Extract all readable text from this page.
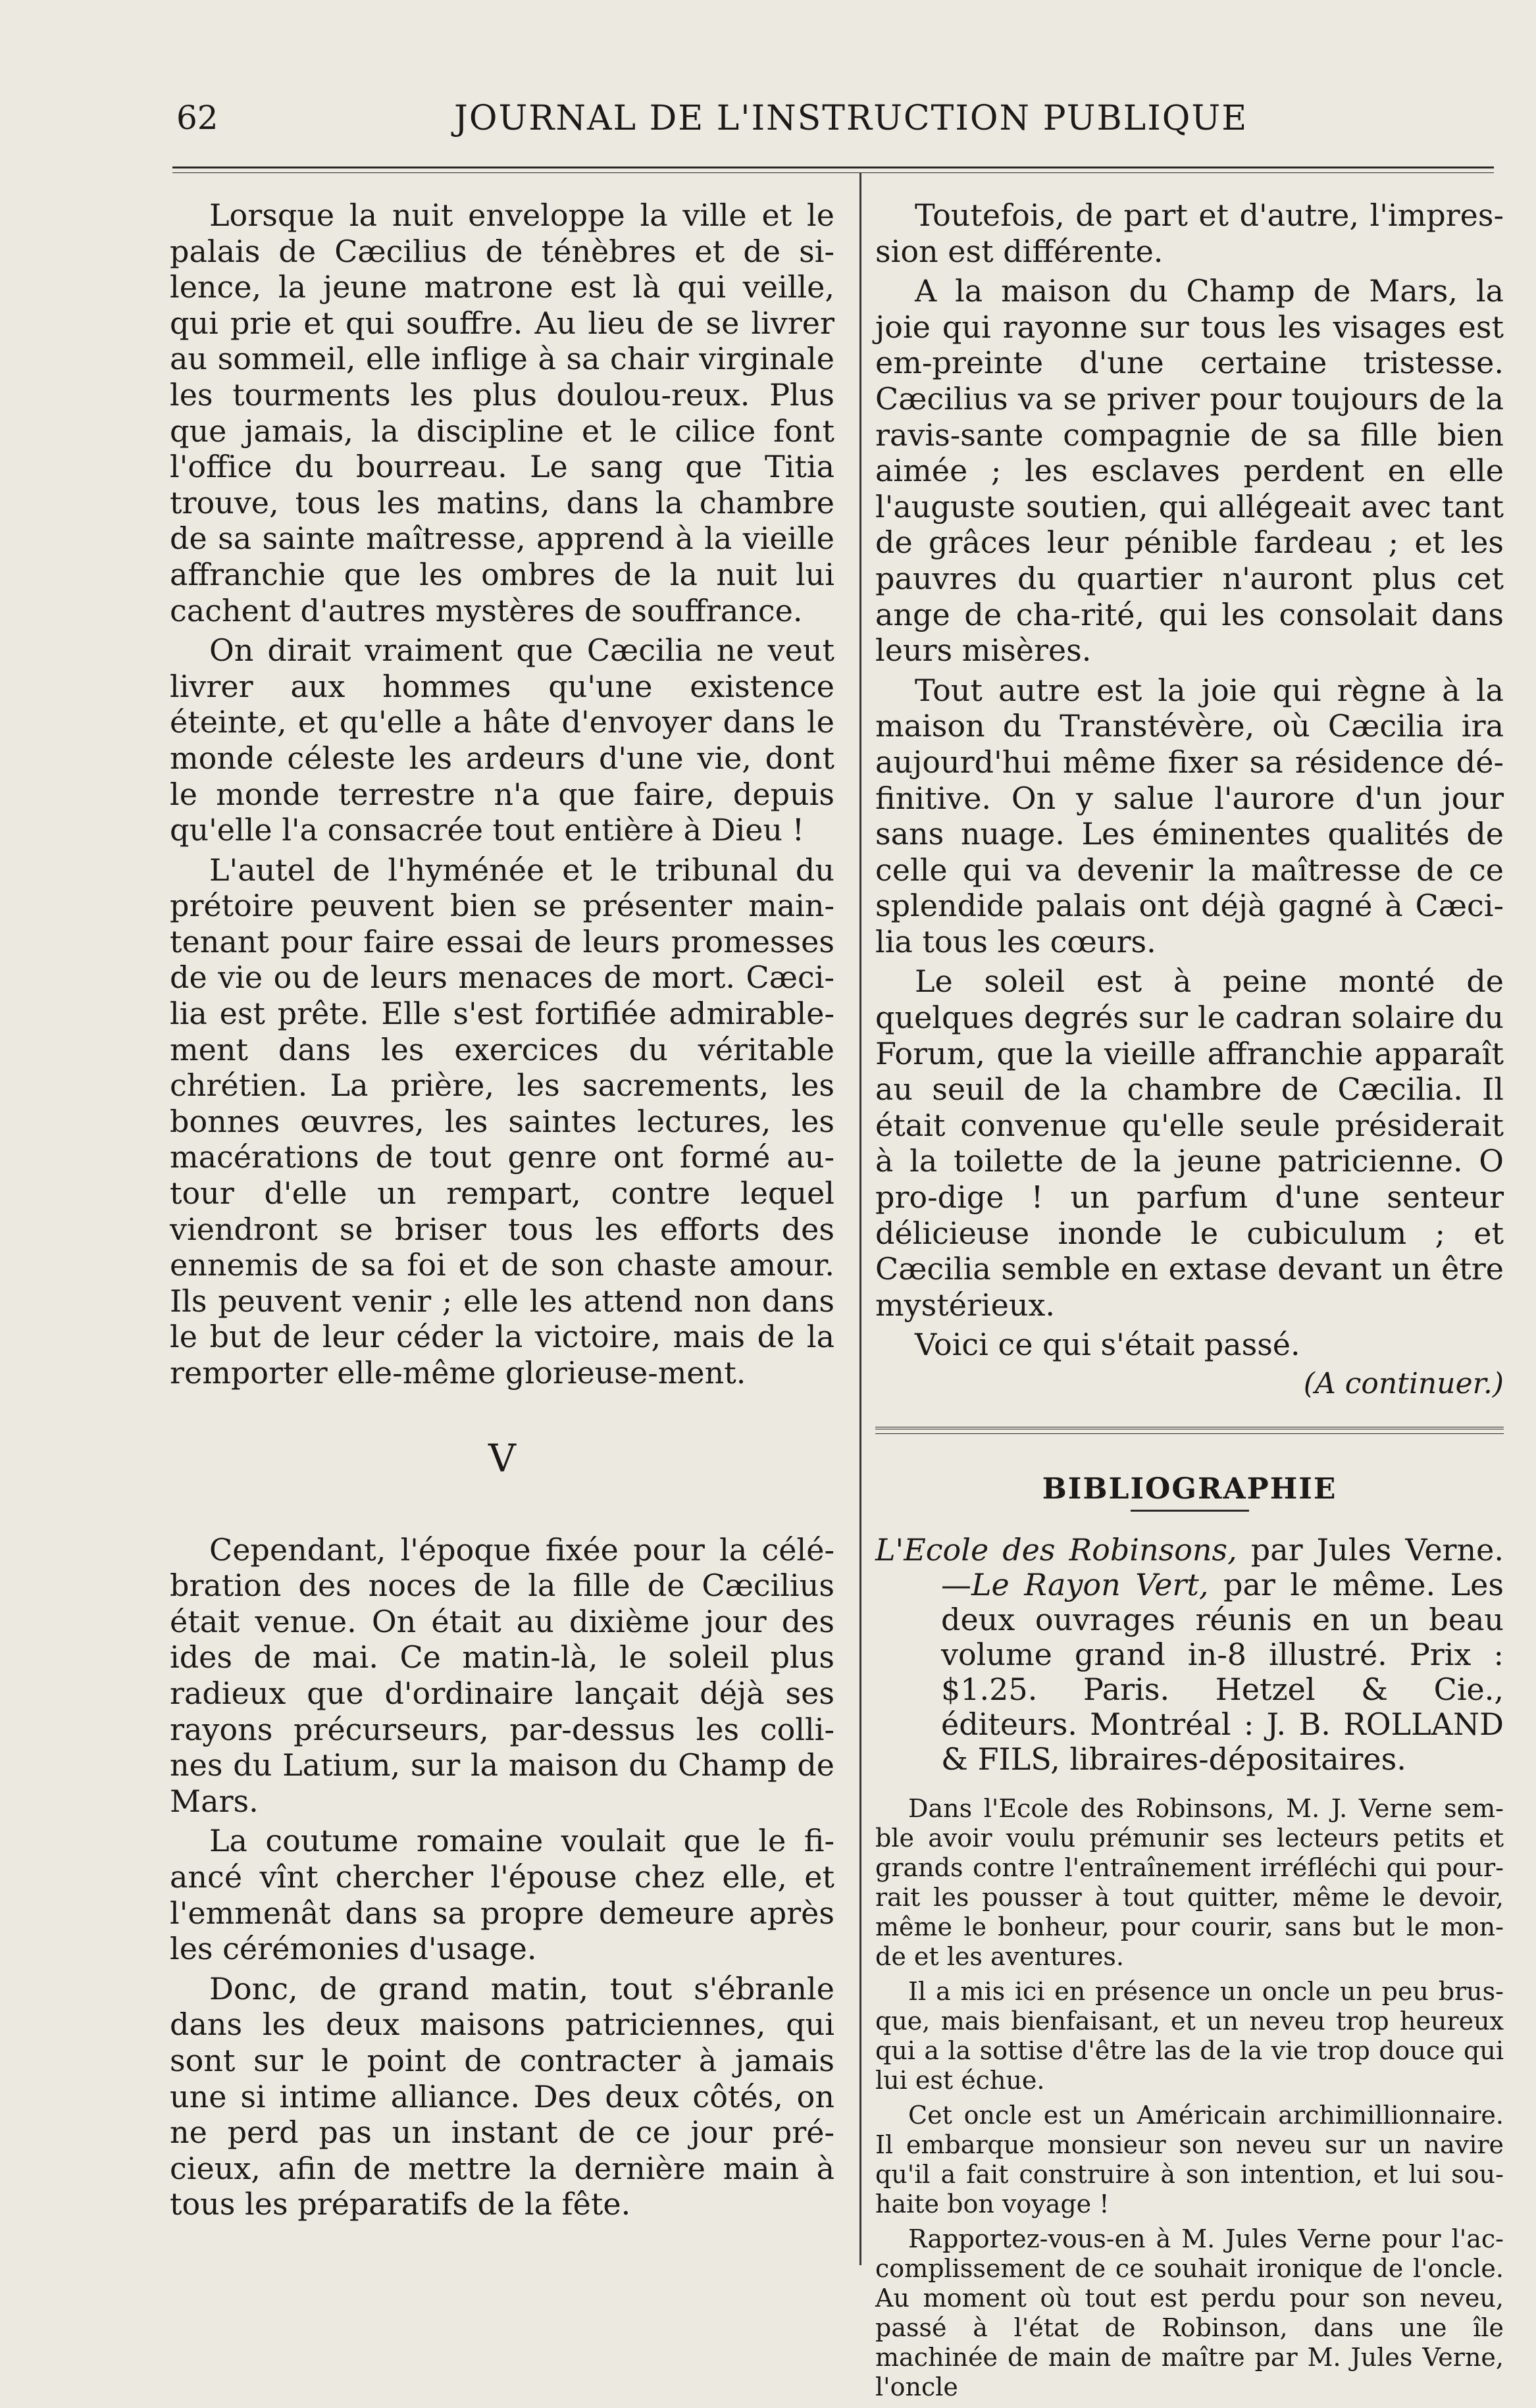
62	JOURNAL DE L'INSTRUCTION PUBLIQUE

Lorsque la nuit enveloppe la ville et le palais de Cæcilius de ténèbres et de si-lence, la jeune matrone est là qui veille, qui prie et qui souffre. Au lieu de se livrer au sommeil, elle inflige à sa chair virginale les tourments les plus doulou-reux. Plus que jamais, la discipline et le cilice font l'office du bourreau. Le sang que Titia trouve, tous les matins, dans la chambre de sa sainte maîtresse, apprend à la vieille affranchie que les ombres de la nuit lui cachent d'autres mystères de souffrance.

On dirait vraiment que Cæcilia ne veut livrer aux hommes qu'une existence éteinte, et qu'elle a hâte d'envoyer dans le monde céleste les ardeurs d'une vie, dont le monde terrestre n'a que faire, depuis qu'elle l'a consacrée tout entière à Dieu !

L'autel de l'hyménée et le tribunal du prétoire peuvent bien se présenter main-tenant pour faire essai de leurs promesses de vie ou de leurs menaces de mort. Cæci-lia est prête. Elle s'est fortifiée admirable-ment dans les exercices du véritable chrétien. La prière, les sacrements, les bonnes œuvres, les saintes lectures, les macérations de tout genre ont formé au-tour d'elle un rempart, contre lequel viendront se briser tous les efforts des ennemis de sa foi et de son chaste amour. Ils peuvent venir ; elle les attend non dans le but de leur céder la victoire, mais de la remporter elle-même glorieuse-ment.

V

Cependant, l'époque fixée pour la célé-bration des noces de la fille de Cæcilius était venue. On était au dixième jour des ides de mai. Ce matin-là, le soleil plus radieux que d'ordinaire lançait déjà ses rayons précurseurs, par-dessus les colli-nes du Latium, sur la maison du Champ de Mars.

La coutume romaine voulait que le fi-ancé vînt chercher l'épouse chez elle, et l'emmenât dans sa propre demeure après les cérémonies d'usage.

Donc, de grand matin, tout s'ébranle dans les deux maisons patriciennes, qui sont sur le point de contracter à jamais une si intime alliance. Des deux côtés, on ne perd pas un instant de ce jour pré-cieux, afin de mettre la dernière main à tous les préparatifs de la fête.

Toutefois, de part et d'autre, l'impres-sion est différente.

A la maison du Champ de Mars, la joie qui rayonne sur tous les visages est em-preinte d'une certaine tristesse. Cæcilius va se priver pour toujours de la ravis-sante compagnie de sa fille bien aimée ; les esclaves perdent en elle l'auguste soutien, qui allégeait avec tant de grâces leur pénible fardeau ; et les pauvres du quartier n'auront plus cet ange de cha-rité, qui les consolait dans leurs misères.

Tout autre est la joie qui règne à la maison du Transtévère, où Cæcilia ira aujourd'hui même fixer sa résidence dé-finitive. On y salue l'aurore d'un jour sans nuage. Les éminentes qualités de celle qui va devenir la maîtresse de ce splendide palais ont déjà gagné à Cæci-lia tous les cœurs.

Le soleil est à peine monté de quelques degrés sur le cadran solaire du Forum, que la vieille affranchie apparaît au seuil de la chambre de Cæcilia. Il était convenue qu'elle seule présiderait à la toilette de la jeune patricienne. O pro-dige ! un parfum d'une senteur délicieuse inonde le cubiculum ; et Cæcilia semble en extase devant un être mystérieux.

Voici ce qui s'était passé.

(A continuer.)
BIBLIOGRAPHIE

L'Ecole des Robinsons, par Jules Verne. —Le Rayon Vert, par le même. Les deux ouvrages réunis en un beau volume grand in-8 illustré. Prix : $1.25. Paris. Hetzel & Cie., éditeurs. Montréal : J. B. ROLLAND & FILS, libraires-dépositaires.

Dans l'Ecole des Robinsons, M. J. Verne sem-ble avoir voulu prémunir ses lecteurs petits et grands contre l'entraînement irréfléchi qui pour-rait les pousser à tout quitter, même le devoir, même le bonheur, pour courir, sans but le mon-de et les aventures.

Il a mis ici en présence un oncle un peu brus-que, mais bienfaisant, et un neveu trop heureux qui a la sottise d'être las de la vie trop douce qui lui est échue.

Cet oncle est un Américain archimillionnaire. Il embarque monsieur son neveu sur un navire qu'il a fait construire à son intention, et lui sou-haite bon voyage !

Rapportez-vous-en à M. Jules Verne pour l'ac-complissement de ce souhait ironique de l'oncle. Au moment où tout est perdu pour son neveu, passé à l'état de Robinson, dans une île machinée de main de maître par M. Jules Verne, l'oncle
